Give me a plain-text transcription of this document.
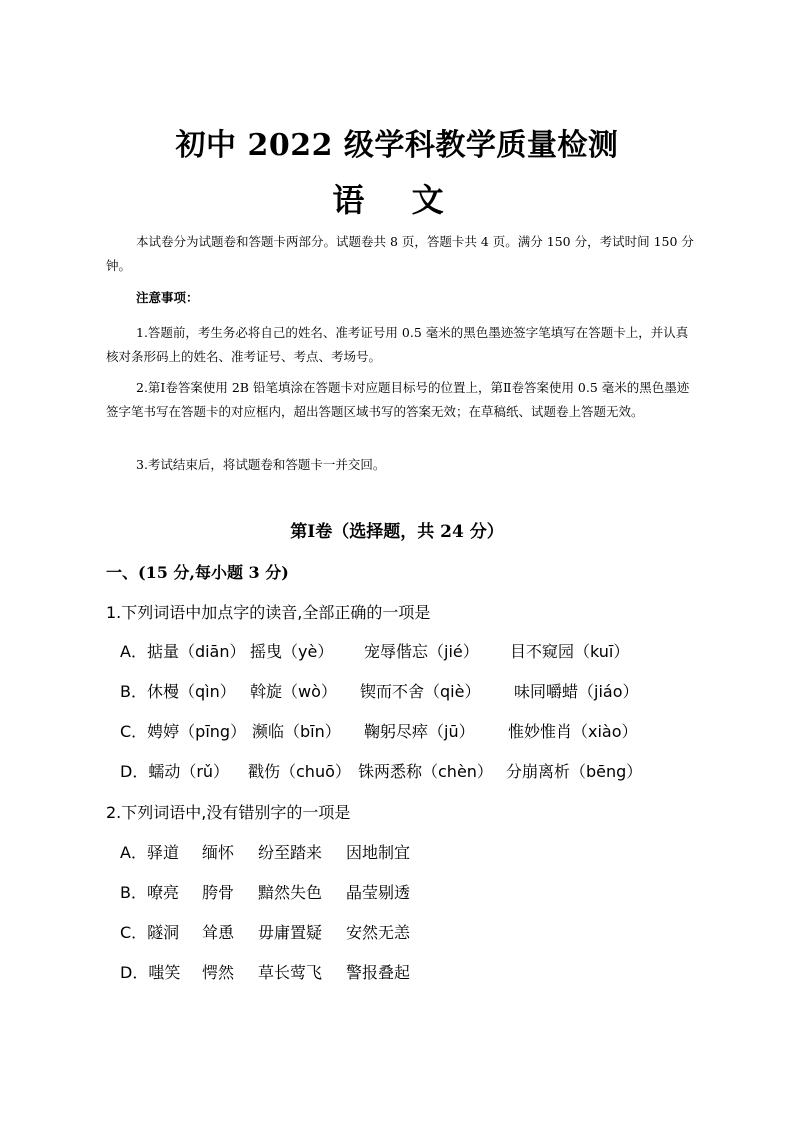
初中 2022 级学科教学质量检测
语 文
本试卷分为试题卷和答题卡两部分。试题卷共 8 页，答题卡共 4 页。满分 150 分，考试时间 150 分钟。
注意事项：
1.答题前，考生务必将自己的姓名、准考证号用 0.5 毫米的黑色墨迹签字笔填写在答题卡上，并认真核对条形码上的姓名、准考证号、考点、考场号。
2.第Ⅰ卷答案使用 2B 铅笔填涂在答题卡对应题目标号的位置上，第Ⅱ卷答案使用 0.5 毫米的黑色墨迹签字笔书写在答题卡的对应框内，超出答题区域书写的答案无效；在草稿纸、试题卷上答题无效。
3.考试结束后，将试题卷和答题卡一并交回。
第Ⅰ卷（选择题，共 24 分）
一、(15 分,每小题 3 分)
1.下列词语中加点字的读音,全部正确的一项是
A．掂量（diān） 摇曳（yè） 宠辱偕忘（jié） 目不窥园（kuī）
B．休槾（qìn） 斡旋（wò） 锲而不舍（qiè） 味同嚼蜡（jiáo）
C．娉婷（pīng） 濒临（bīn） 鞠躬尽瘁（jū） 惟妙惟肖（xiào）
D．蠕动（rǔ） 戳伤（chuō） 铢两悉称（chèn） 分崩离析（bēng）
2.下列词语中,没有错别字的一项是
A．驿道 缅怀 纷至踏来 因地制宜
B．嘹亮 胯骨 黯然失色 晶莹剔透
C．隧洞 耸恿 毋庸置疑 安然无恙
D．嗤笑 愕然 草长莺飞 警报叠起
